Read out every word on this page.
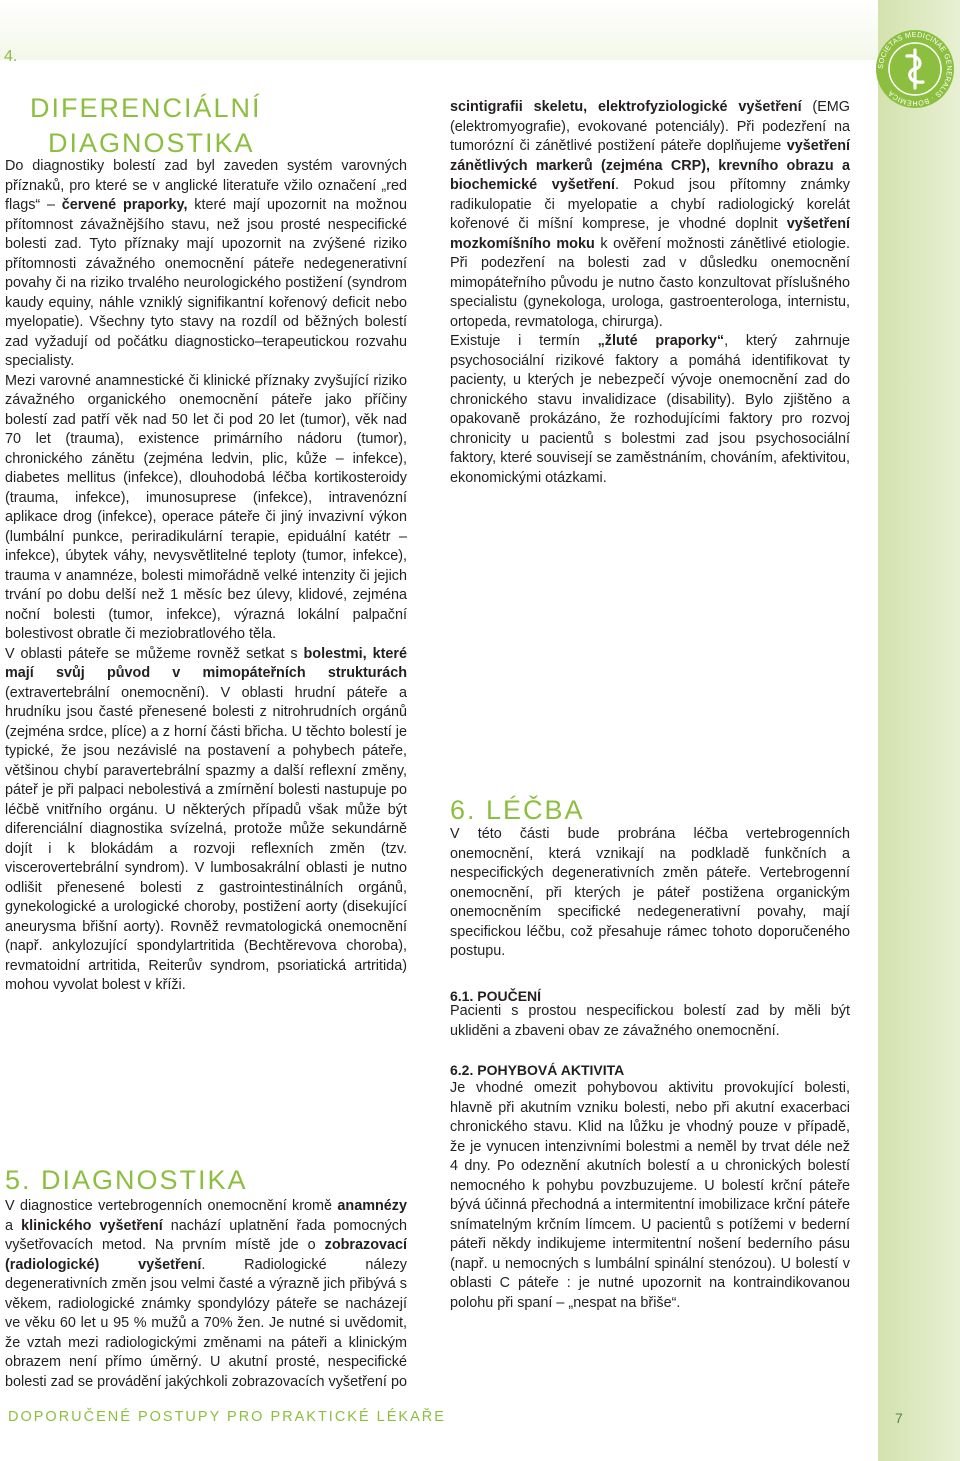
SOCIETAS MEDICINAE GENERALIS · BOHEMICA
4.
DIFERENCIÁLNÍ
DIAGNOSTIKA

Do diagnostiky bolestí zad byl zaveden systém varovných příznaků, pro které se v anglické literatuře vžilo označení „red flags“ – červené praporky, které mají upozornit na možnou přítomnost závažnějšího stavu, než jsou prosté nespecifické bolesti zad. Tyto příznaky mají upozornit na zvýšené riziko přítomnosti závažného onemocnění páteře nedegenerativní povahy či na riziko trvalého neurologického postižení (syndrom kaudy equiny, náhle vzniklý signifikantní kořenový deficit nebo myelopatie). Všechny tyto stavy na rozdíl od běžných bolestí zad vyžadují od počátku diagnosticko–terapeutickou rozvahu specialisty.

Mezi varovné anamnestické či klinické příznaky zvyšující riziko závažného organického onemocnění páteře jako příčiny bolestí zad patří věk nad 50 let či pod 20 let (tumor), věk nad 70 let (trauma), existence primárního nádoru (tumor), chronického zánětu (zejména ledvin, plic, kůže – infekce), diabetes mellitus (infekce), dlouhodobá léčba kortikosteroidy (trauma, infekce), imunosuprese (infekce), intravenózní aplikace drog (infekce), operace páteře či jiný invazivní výkon (lumbální punkce, periradikulární terapie, epiduální katétr – infekce), úbytek váhy, nevysvětlitelné teploty (tumor, infekce), trauma v anamnéze, bolesti mimořádně velké intenzity či jejich trvání po dobu delší než 1 měsíc bez úlevy, klidové, zejména noční bolesti (tumor, infekce), výrazná lokální palpační bolestivost obratle či meziobratlového těla.

V oblasti páteře se můžeme rovněž setkat s bolestmi, které mají svůj původ v mimopáteřních strukturách (extravertebrální onemocnění). V oblasti hrudní páteře a hrudníku jsou časté přenesené bolesti z nitrohrudních orgánů (zejména srdce, plíce) a z horní části břicha. U těchto bolestí je typické, že jsou nezávislé na postavení a pohybech páteře, většinou chybí paravertebrální spazmy a další reflexní změny, páteř je při palpaci nebolestivá a zmírnění bolesti nastupuje po léčbě vnitřního orgánu. U některých případů však může být diferenciální diagnostika svízelná, protože může sekundárně dojít i k blokádám a rozvoji reflexních změn (tzv. viscerovertebrální syndrom). V lumbosakrální oblasti je nutno odlišit přenesené bolesti z gastrointestinálních orgánů, gynekologické a urologické choroby, postižení aorty (disekující aneurysma břišní aorty). Rovněž revmatologická onemocnění (např. ankylozující spondylartritida (Bechtěrevova choroba), revmatoidní artritida, Reiterův syndrom, psoriatická artritida) mohou vyvolat bolest v kříži.

5. DIAGNOSTIKA

V diagnostice vertebrogenních onemocnění kromě anamnézy a klinického vyšetření nachází uplatnění řada pomocných vyšetřovacích metod. Na prvním místě jde o zobrazovací (radiologické) vyšetření. Radiologické nálezy degenerativních změn jsou velmi časté a výrazně jich přibývá s věkem, radiologické známky spondylózy páteře se nacházejí ve věku 60 let u 95 % mužů a 70% žen. Je nutné si uvědomit, že vztah mezi radiologickými změnami na páteři a klinickým obrazem není přímo úměrný. U akutní prosté, nespecifické bolesti zad se provádění jakýchkoli zobrazovacích vyšetření po

scintigrafii skeletu, elektrofyziologické vyšetření (EMG (elektromyografie), evokované potenciály). Při podezření na tumorózní či zánětlivé postižení páteře doplňujeme vyšetření zánětlivých markerů (zejména CRP), krevního obrazu a biochemické vyšetření. Pokud jsou přítomny známky radikulopatie či myelopatie a chybí radiologický korelát kořenové či míšní komprese, je vhodné doplnit vyšetření mozkomíšního moku k ověření možnosti zánětlivé etiologie. Při podezření na bolesti zad v důsledku onemocnění mimopáteřního původu je nutno často konzultovat příslušného specialistu (gynekologa, urologa, gastroenterologa, internistu, ortopeda, revmatologa, chirurga).

Existuje i termín „žluté praporky“, který zahrnuje psychosociální rizikové faktory a pomáhá identifikovat ty pacienty, u kterých je nebezpečí vývoje onemocnění zad do chronického stavu invalidizace (disability). Bylo zjištěno a opakovaně prokázáno, že rozhodujícími faktory pro rozvoj chronicity u pacientů s bolestmi zad jsou psychosociální faktory, které souvisejí se zaměstnáním, chováním, afektivitou, ekonomickými otázkami.

6. LÉČBA
V této části bude probrána léčba vertebrogenních onemocnění, která vznikají na podkladě funkčních a nespecifických degenerativních změn páteře. Vertebrogenní onemocnění, při kterých je páteř postižena organickým onemocněním specifické nedegenerativní povahy, mají specifickou léčbu, což přesahuje rámec tohoto doporučeného postupu.
6.1. POUČENÍ
Pacienti s prostou nespecifickou bolestí zad by měli být ukliděni a zbaveni obav ze závažného onemocnění.
6.2. POHYBOVÁ AKTIVITA
Je vhodné omezit pohybovou aktivitu provokující bolesti, hlavně při akutním vzniku bolesti, nebo při akutní exacerbaci chronického stavu. Klid na lůžku je vhodný pouze v případě, že je vynucen intenzivními bolestmi a neměl by trvat déle než 4 dny. Po odeznění akutních bolestí a u chronických bolestí nemocného k pohybu povzbuzujeme. U bolestí krční páteře bývá účinná přechodná a intermitentní imobilizace krční páteře snímatelným krčním límcem. U pacientů s potížemi v bederní páteři někdy indikujeme intermitentní nošení bederního pásu (např. u nemocných s lumbální spinální stenózou). U bolestí v oblasti C páteře : je nutné upozornit na kontraindikovanou polohu při spaní – „nespat na břiše“.
DOPORUČENÉ POSTUPY PRO PRAKTICKÉ LÉKAŘE	7
